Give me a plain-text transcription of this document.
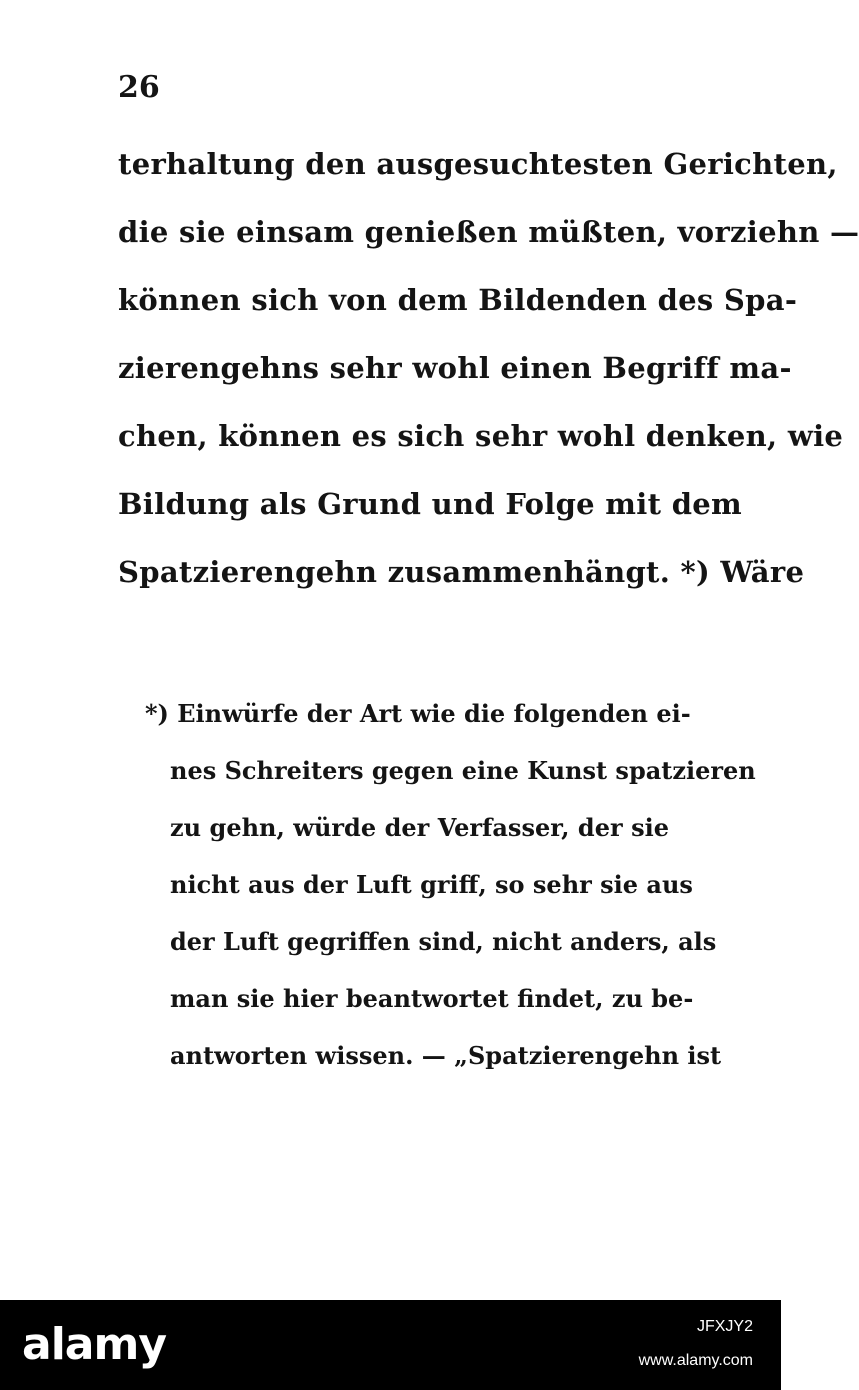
26
terhaltung den ausgesuchtesten Gerichten,
die sie einsam genießen müßten, vorziehn —
können sich von dem Bildenden des Spa-
zierengehns sehr wohl einen Begriff ma-
chen, können es sich sehr wohl denken, wie
Bildung als Grund und Folge mit dem
Spatzierengehn zusammenhängt. *) Wäre
*) Einwürfe der Art wie die folgenden ei-
nes Schreiters gegen eine Kunst spatzieren
zu gehn, würde der Verfasser, der sie
nicht aus der Luft griff, so sehr sie aus
der Luft gegriffen sind, nicht anders, als
man sie hier beantwortet findet, zu be-
antworten wissen. — „Spatzierengehn ist
alamy	JFXJY2
www.alamy.com
